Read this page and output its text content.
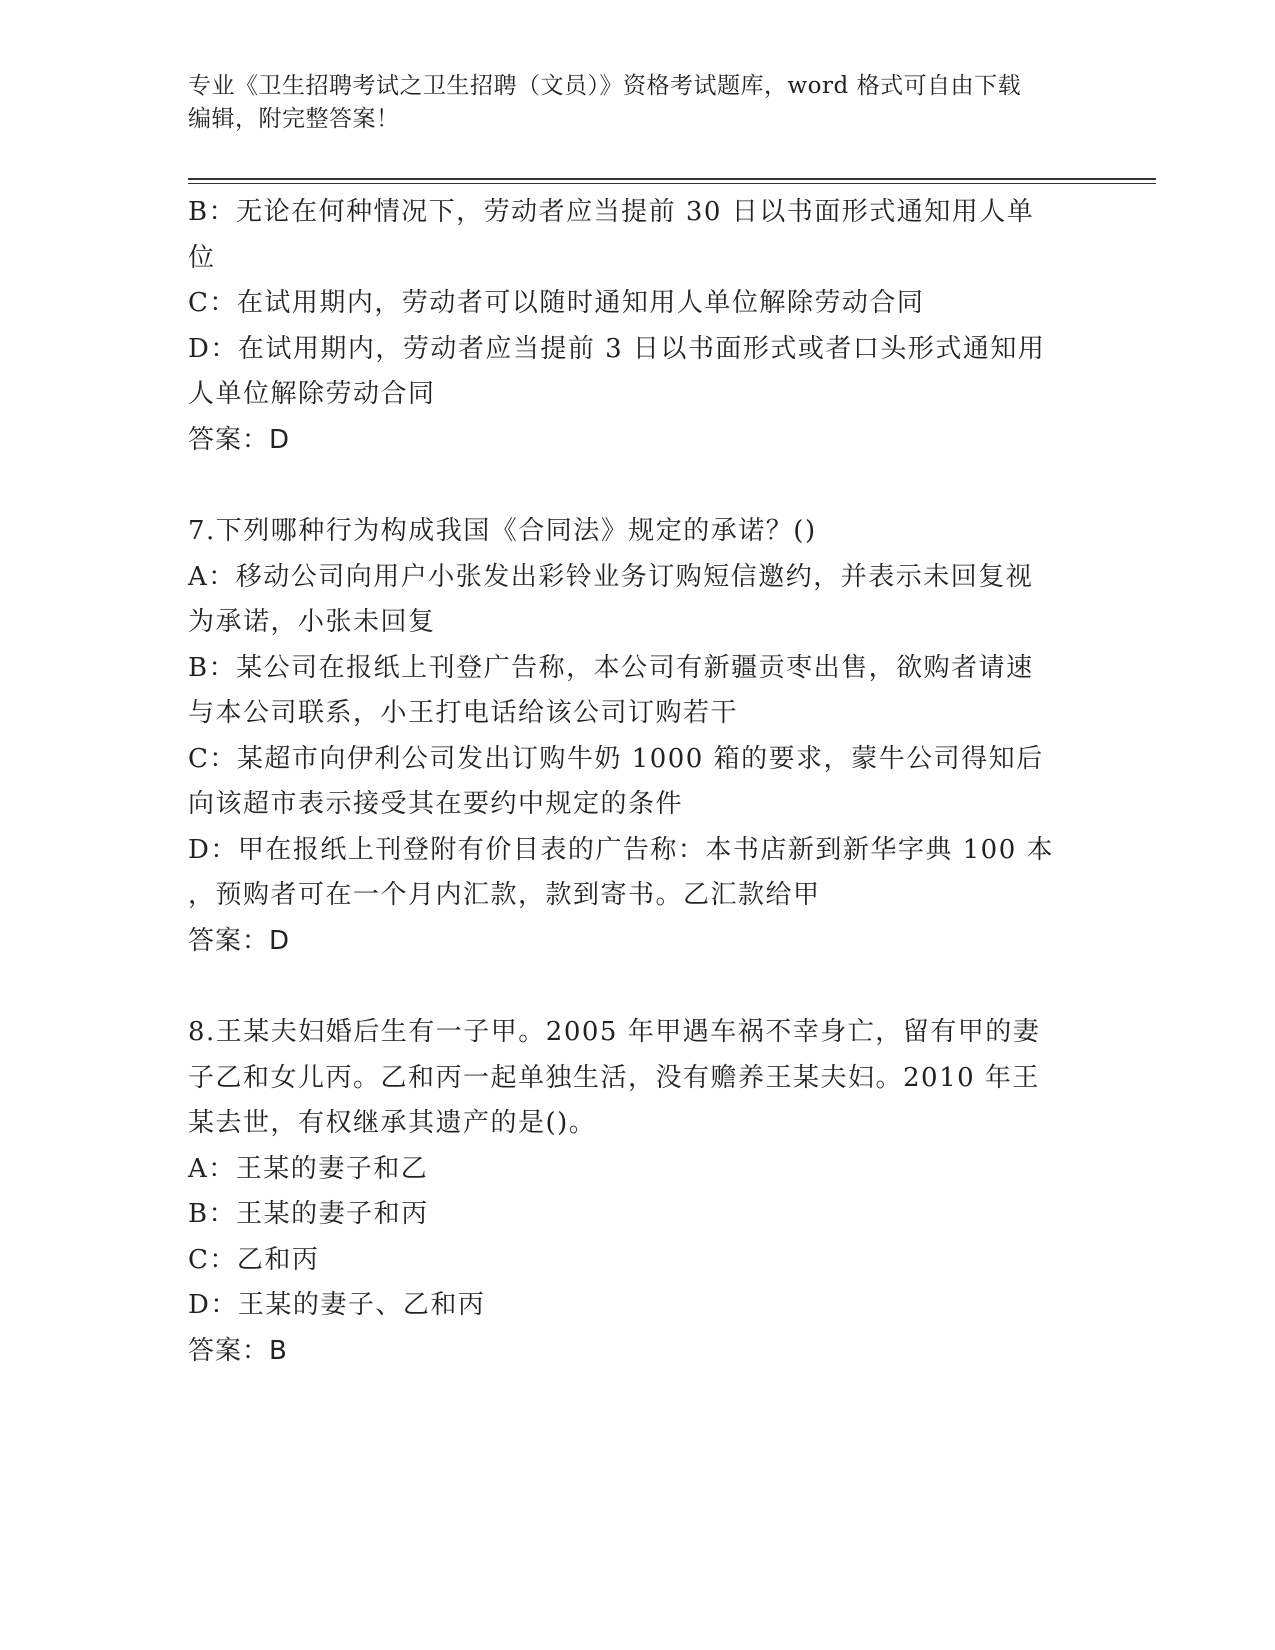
专业《卫生招聘考试之卫生招聘（文员）》资格考试题库，word 格式可自由下载
编辑，附完整答案！
B：无论在何种情况下，劳动者应当提前 30 日以书面形式通知用人单
位
C：在试用期内，劳动者可以随时通知用人单位解除劳动合同
D：在试用期内，劳动者应当提前 3 日以书面形式或者口头形式通知用
人单位解除劳动合同
答案：D
7.下列哪种行为构成我国《合同法》规定的承诺？()
A：移动公司向用户小张发出彩铃业务订购短信邀约，并表示未回复视
为承诺，小张未回复
B：某公司在报纸上刊登广告称，本公司有新疆贡枣出售，欲购者请速
与本公司联系，小王打电话给该公司订购若干
C：某超市向伊利公司发出订购牛奶 1000 箱的要求，蒙牛公司得知后
向该超市表示接受其在要约中规定的条件
D：甲在报纸上刊登附有价目表的广告称：本书店新到新华字典 100 本
，预购者可在一个月内汇款，款到寄书。乙汇款给甲
答案：D
8.王某夫妇婚后生有一子甲。2005 年甲遇车祸不幸身亡，留有甲的妻
子乙和女儿丙。乙和丙一起单独生活，没有赡养王某夫妇。2010 年王
某去世，有权继承其遗产的是()。
A：王某的妻子和乙
B：王某的妻子和丙
C：乙和丙
D：王某的妻子、乙和丙
答案：B
